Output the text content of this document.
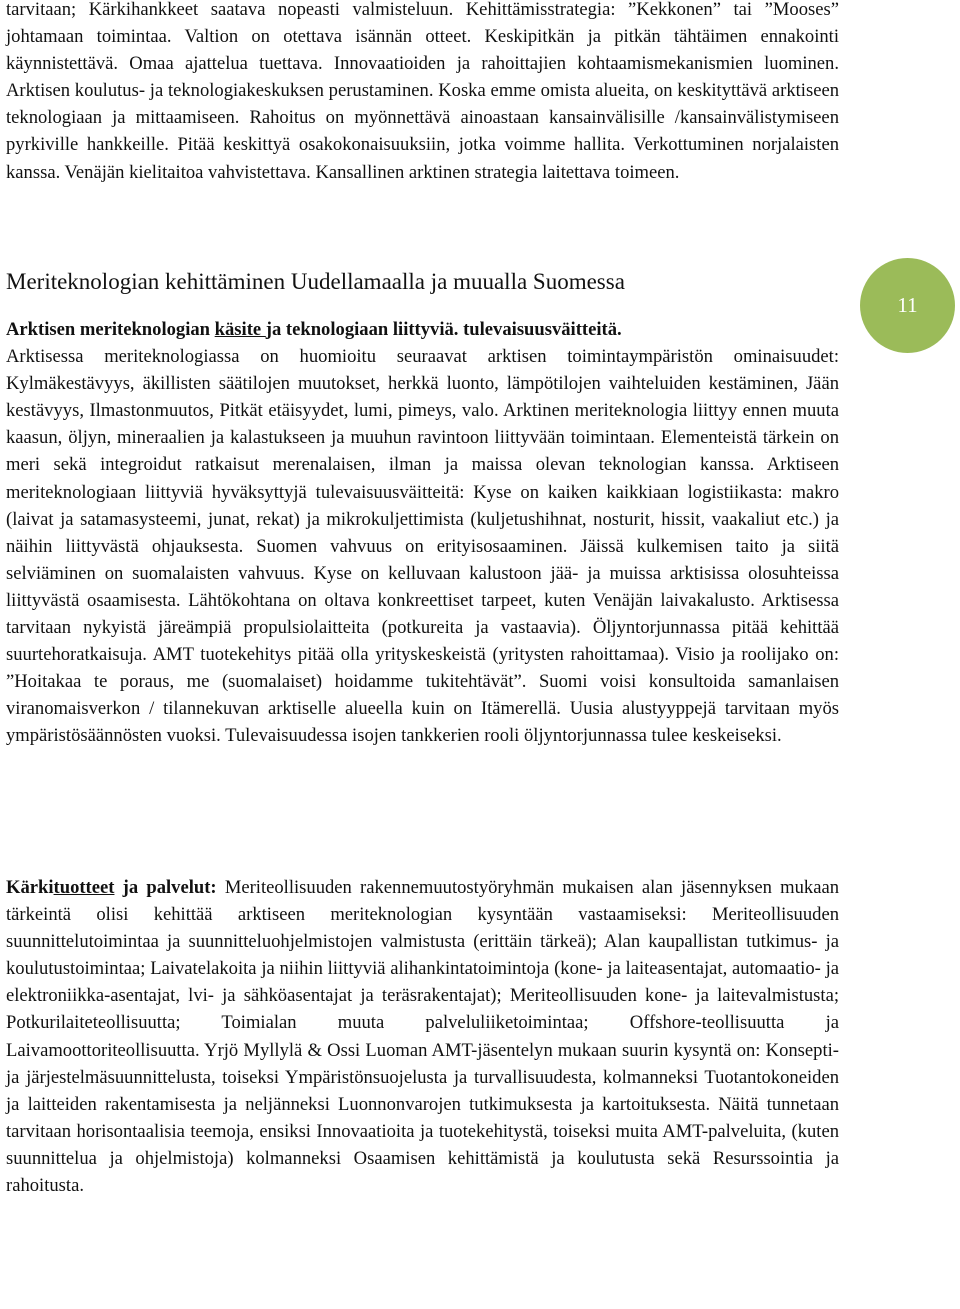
tarvitaan; Kärkihankkeet saatava nopeasti valmisteluun. Kehittämisstrategia: ”Kekkonen” tai ”Mooses” johtamaan toimintaa. Valtion on otettava isännän otteet. Keskipitkän ja pitkän tähtäimen ennakointi käynnistettävä. Omaa ajattelua tuettava. Innovaatioiden ja rahoittajien kohtaamismekanismien luominen. Arktisen koulutus- ja teknologiakeskuksen perustaminen. Koska emme omista alueita, on keskityttävä arktiseen teknologiaan ja mittaamiseen. Rahoitus on myönnettävä ainoastaan kansainvälisille /kansainvälistymiseen pyrkiville hankkeille. Pitää keskittyä osakokonaisuuksiin, jotka voimme hallita. Verkottuminen norjalaisten kanssa. Venäjän kielitaitoa vahvistettava. Kansallinen arktinen strategia laitettava toimeen.

Meriteknologian kehittäminen Uudellamaalla ja muualla Suomessa

Arktisen meriteknologian käsite ja teknologiaan liittyviä. tulevaisuusväitteitä.
Arktisessa meriteknologiassa on huomioitu seuraavat arktisen toimintaympäristön ominaisuudet: Kylmäkestävyys, äkillisten säätilojen muutokset, herkkä luonto, lämpötilojen vaihteluiden kestäminen, Jään kestävyys, Ilmastonmuutos, Pitkät etäisyydet, lumi, pimeys, valo. Arktinen meriteknologia liittyy ennen muuta kaasun, öljyn, mineraalien ja kalastukseen ja muuhun ravintoon liittyvään toimintaan. Elementeistä tärkein on meri sekä integroidut ratkaisut merenalaisen, ilman ja maissa olevan teknologian kanssa. Arktiseen meriteknologiaan liittyviä hyväksyttyjä tulevaisuusväitteitä: Kyse on kaiken kaikkiaan logistiikasta: makro (laivat ja satamasysteemi, junat, rekat) ja mikrokuljettimista (kuljetushihnat, nosturit, hissit, vaakaliut etc.) ja näihin liittyvästä ohjauksesta. Suomen vahvuus on erityisosaaminen. Jäissä kulkemisen taito ja siitä selviäminen on suomalaisten vahvuus. Kyse on kelluvaan kalustoon jää- ja muissa arktisissa olosuhteissa liittyvästä osaamisesta. Lähtökohtana on oltava konkreettiset tarpeet, kuten Venäjän laivakalusto. Arktisessa tarvitaan nykyistä järeämpiä propulsiolaitteita (potkureita ja vastaavia). Öljyntorjunnassa pitää kehittää suurtehoratkaisuja. AMT tuotekehitys pitää olla yrityskeskeistä (yritysten rahoittamaa). Visio ja roolijako on: ”Hoitakaa te poraus, me (suomalaiset) hoidamme tukitehtävät”. Suomi voisi konsultoida samanlaisen viranomaisverkon / tilannekuvan arktiselle alueella kuin on Itämerellä. Uusia alustyyppejä tarvitaan myös ympäristösäännösten vuoksi. Tulevaisuudessa isojen tankkerien rooli öljyntorjunnassa tulee keskeiseksi.

Kärkituotteet ja palvelut: Meriteollisuuden rakennemuutostyöryhmän mukaisen alan jäsennyksen mukaan tärkeintä olisi kehittää arktiseen meriteknologian kysyntään vastaamiseksi: Meriteollisuuden suunnittelutoimintaa ja suunnitteluohjelmistojen valmistusta (erittäin tärkeä); Alan kaupallistan tutkimus- ja koulutustoimintaa; Laivatelakoita ja niihin liittyviä alihankintatoimintoja (kone- ja laiteasentajat, automaatio- ja elektroniikka-asentajat, lvi- ja sähköasentajat ja teräsrakentajat); Meriteollisuuden kone- ja laitevalmistusta; Potkurilaiteteollisuutta; Toimialan muuta palveluliiketoimintaa; Offshore-teollisuutta ja Laivamoottoriteollisuutta. Yrjö Myllylä & Ossi Luoman AMT-jäsentelyn mukaan suurin kysyntä on: Konsepti- ja järjestelmäsuunnittelusta, toiseksi Ympäristönsuojelusta ja turvallisuudesta, kolmanneksi Tuotantokoneiden ja laitteiden rakentamisesta ja neljänneksi Luonnonvarojen tutkimuksesta ja kartoituksesta. Näitä tunnetaan tarvitaan horisontaalisia teemoja, ensiksi Innovaatioita ja tuotekehitystä, toiseksi muita AMT-palveluita, (kuten suunnittelua ja ohjelmistoja) kolmanneksi Osaamisen kehittämistä ja koulutusta sekä Resurssointia ja rahoitusta.

11
